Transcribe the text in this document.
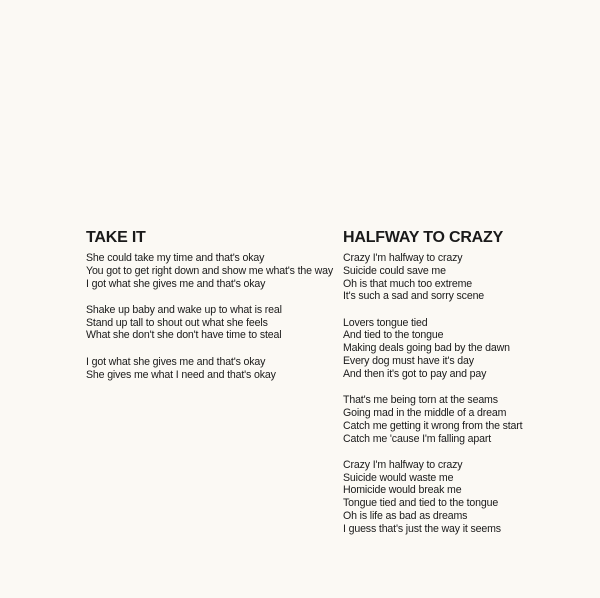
TAKE IT
She could take my time and that's okay
You got to get right down and show me what's the way
I got what she gives me and that's okay
Shake up baby and wake up to what is real
Stand up tall to shout out what she feels
What she don't she don't have time to steal
I got what she gives me and that's okay
She gives me what I need and that's okay
HALFWAY TO CRAZY
Crazy I'm halfway to crazy
Suicide could save me
Oh is that much too extreme
It's such a sad and sorry scene
Lovers tongue tied
And tied to the tongue
Making deals going bad by the dawn
Every dog must have it's day
And then it's got to pay and pay
That's me being torn at the seams
Going mad in the middle of a dream
Catch me getting it wrong from the start
Catch me 'cause I'm falling apart
Crazy I'm halfway to crazy
Suicide would waste me
Homicide would break me
Tongue tied and tied to the tongue
Oh is life as bad as dreams
I guess that's just the way it seems
